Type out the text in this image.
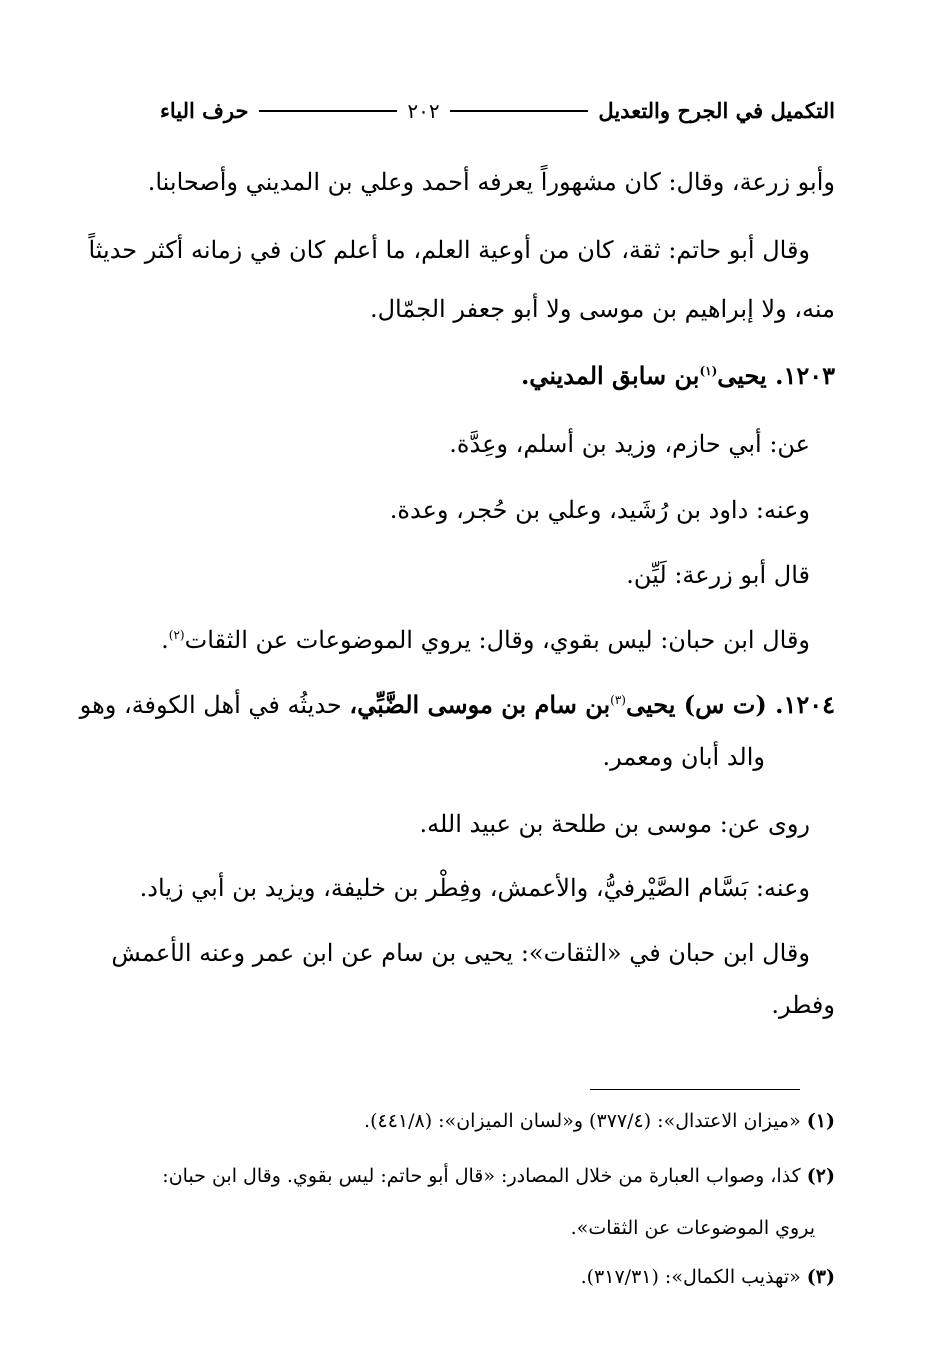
التكميل في الجرح والتعديل
٢٠٢
حرف الياء
وأبو زرعة، وقال: كان مشهوراً يعرفه أحمد وعلي بن المديني وأصحابنا.
وقال أبو حاتم: ثقة، كان من أوعية العلم، ما أعلم كان في زمانه أكثر حديثاً
منه، ولا إبراهيم بن موسى ولا أبو جعفر الجمّال.
١٢٠٣. يحيى$^{(١)}$بن سابق المديني.
عن: أبي حازم، وزيد بن أسلم، وعِدَّة.
وعنه: داود بن رُشَيد، وعلي بن حُجر، وعدة.
قال أبو زرعة: لَيِّن.
وقال ابن حبان: ليس بقوي، وقال: يروي الموضوعات عن الثقات$^{(٢)}$.
١٢٠٤. (ت س) يحيى$^{(٣)}$بن سام بن موسى الضَّبِّي، حديثُه في أهل الكوفة، وهو
والد أبان ومعمر.
روى عن: موسى بن طلحة بن عبيد الله.
وعنه: بَسَّام الصَّيْرفيُّ، والأعمش، وفِطْر بن خليفة، ويزيد بن أبي زياد.
وقال ابن حبان في «الثقات»: يحيى بن سام عن ابن عمر وعنه الأعمش
وفطر.
(١) «ميزان الاعتدال»: (٣٧٧/٤) و«لسان الميزان»: (٤٤١/٨).
(٢) كذا، وصواب العبارة من خلال المصادر: «قال أبو حاتم: ليس بقوي. وقال ابن حبان:
يروي الموضوعات عن الثقات».
(٣) «تهذيب الكمال»: (٣١٧/٣١).
